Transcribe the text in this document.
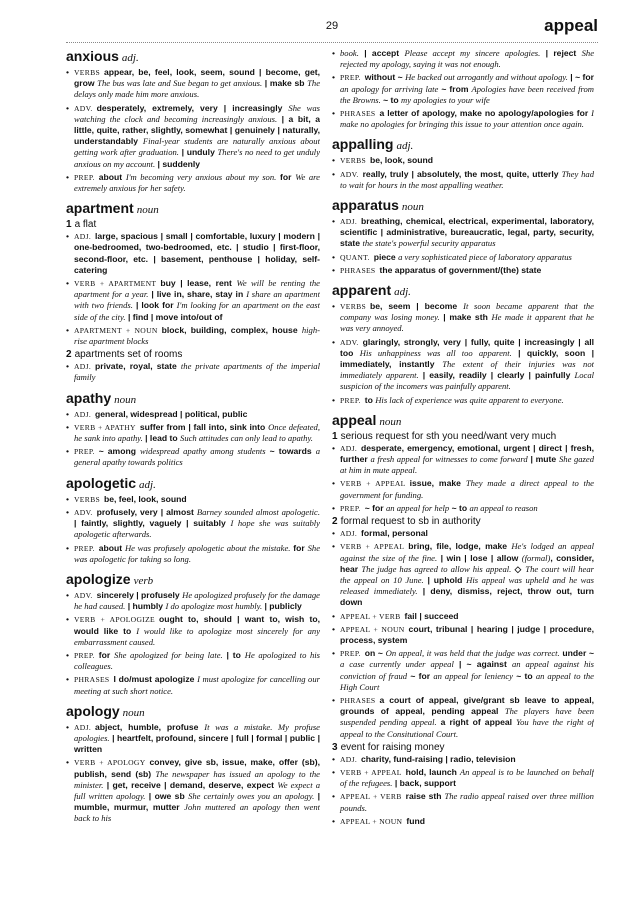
29	appeal
anxious adj.
• VERBS appear, be, feel, look, seem, sound | become, get, grow The bus was late and Sue began to get anxious. | make sb The delays only made him more anxious.
• ADV. desperately, extremely, very | increasingly She was watching the clock and becoming increasingly anxious. | a bit, a little, quite, rather, slightly, somewhat | genuinely | naturally, understandably Final-year students are naturally anxious about getting work after graduation. | unduly There's no need to get unduly anxious on my account. | suddenly
• PREP. about I'm becoming very anxious about my son. for We are extremely anxious for her safety.
apartment noun
1 a flat
• ADJ. large, spacious | small | comfortable, luxury | modern | one-bedroomed, two-bedroomed, etc. | studio | first-floor, second-floor, etc. | basement, penthouse | holiday, self-catering
• VERB + APARTMENT buy | lease, rent We will be renting the apartment for a year. | live in, share, stay in I share an apartment with two friends. | look for I'm looking for an apartment on the east side of the city. | find | move into/out of
• APARTMENT + NOUN block, building, complex, house high-rise apartment blocks
2 apartments set of rooms
• ADJ. private, royal, state the private apartments of the imperial family
apathy noun
• ADJ. general, widespread | political, public
• VERB + APATHY suffer from | fall into, sink into Once defeated, he sank into apathy. | lead to Such attitudes can only lead to apathy.
• PREP. ~ among widespread apathy among students ~ towards a general apathy towards politics
apologetic adj.
• VERBS be, feel, look, sound
• ADV. profusely, very | almost Barney sounded almost apologetic. | faintly, slightly, vaguely | suitably I hope she was suitably apologetic afterwards.
• PREP. about He was profusely apologetic about the mistake. for She was apologetic for taking so long.
apologize verb
• ADV. sincerely | profusely He apologized profusely for the damage he had caused. | humbly I do apologize most humbly. | publicly
• VERB + APOLOGIZE ought to, should | want to, wish to, would like to I would like to apologize most sincerely for any embarrassment caused.
• PREP. for She apologized for being late. | to He apologized to his colleagues.
• PHRASES I do/must apologize I must apologize for cancelling our meeting at such short notice.
apology noun
• ADJ. abject, humble, profuse It was a mistake. My profuse apologies. | heartfelt, profound, sincere | full | formal | public | written
• VERB + APOLOGY convey, give sb, issue, make, offer (sb), publish, send (sb) The newspaper has issued an apology to the minister. | get, receive | demand, deserve, expect We expect a full written apology. | owe sb She certainly owes you an apology. | mumble, murmur, mutter John muttered an apology then went back to his
• book. | accept Please accept my sincere apologies. | reject She rejected my apology, saying it was not enough.
• PREP. without ~ He backed out arrogantly and without apology. | ~ for an apology for arriving late ~ from Apologies have been received from the Browns. ~ to my apologies to your wife
• PHRASES a letter of apology, make no apology/apologies for I make no apologies for bringing this issue to your attention once again.
appalling adj.
• VERBS be, look, sound
• ADV. really, truly | absolutely, the most, quite, utterly They had to wait for hours in the most appalling weather.
apparatus noun
• ADJ. breathing, chemical, electrical, experimental, laboratory, scientific | administrative, bureaucratic, legal, party, security, state the state's powerful security apparatus
• QUANT. piece a very sophisticated piece of laboratory apparatus
• PHRASES the apparatus of government/(the) state
apparent adj.
• VERBS be, seem | become It soon became apparent that the company was losing money. | make sth He made it apparent that he was very annoyed.
• ADV. glaringly, strongly, very | fully, quite | increasingly | all too His unhappiness was all too apparent. | quickly, soon | immediately, instantly The extent of their injuries was not immediately apparent. | easily, readily | clearly | painfully Local suspicion of the incomers was painfully apparent.
• PREP. to His lack of experience was quite apparent to everyone.
appeal noun
1 serious request for sth you need/want very much
• ADJ. desperate, emergency, emotional, urgent | direct | fresh, further a fresh appeal for witnesses to come forward | mute She gazed at him in mute appeal.
• VERB + APPEAL issue, make They made a direct appeal to the government for funding.
• PREP. ~ for an appeal for help ~ to an appeal to reason
2 formal request to sb in authority
• ADJ. formal, personal
• VERB + APPEAL bring, file, lodge, make He's lodged an appeal against the size of the fine. | win | lose | allow (formal), consider, hear The judge has agreed to allow his appeal. ◇ The court will hear the appeal on 10 June. | uphold His appeal was upheld and he was released immediately. | deny, dismiss, reject, throw out, turn down
• APPEAL + VERB fail | succeed
• APPEAL + NOUN court, tribunal | hearing | judge | procedure, process, system
• PREP. on ~ On appeal, it was held that the judge was correct. under ~ a case currently under appeal | ~ against an appeal against his conviction of fraud ~ for an appeal for leniency ~ to an appeal to the High Court
• PHRASES a court of appeal, give/grant sb leave to appeal, grounds of appeal, pending appeal The players have been suspended pending appeal. a right of appeal You have the right of appeal to the Consitutional Court.
3 event for raising money
• ADJ. charity, fund-raising | radio, television
• VERB + APPEAL hold, launch An appeal is to be launched on behalf of the refugees. | back, support
• APPEAL + VERB raise sth The radio appeal raised over three million pounds.
• APPEAL + NOUN fund
